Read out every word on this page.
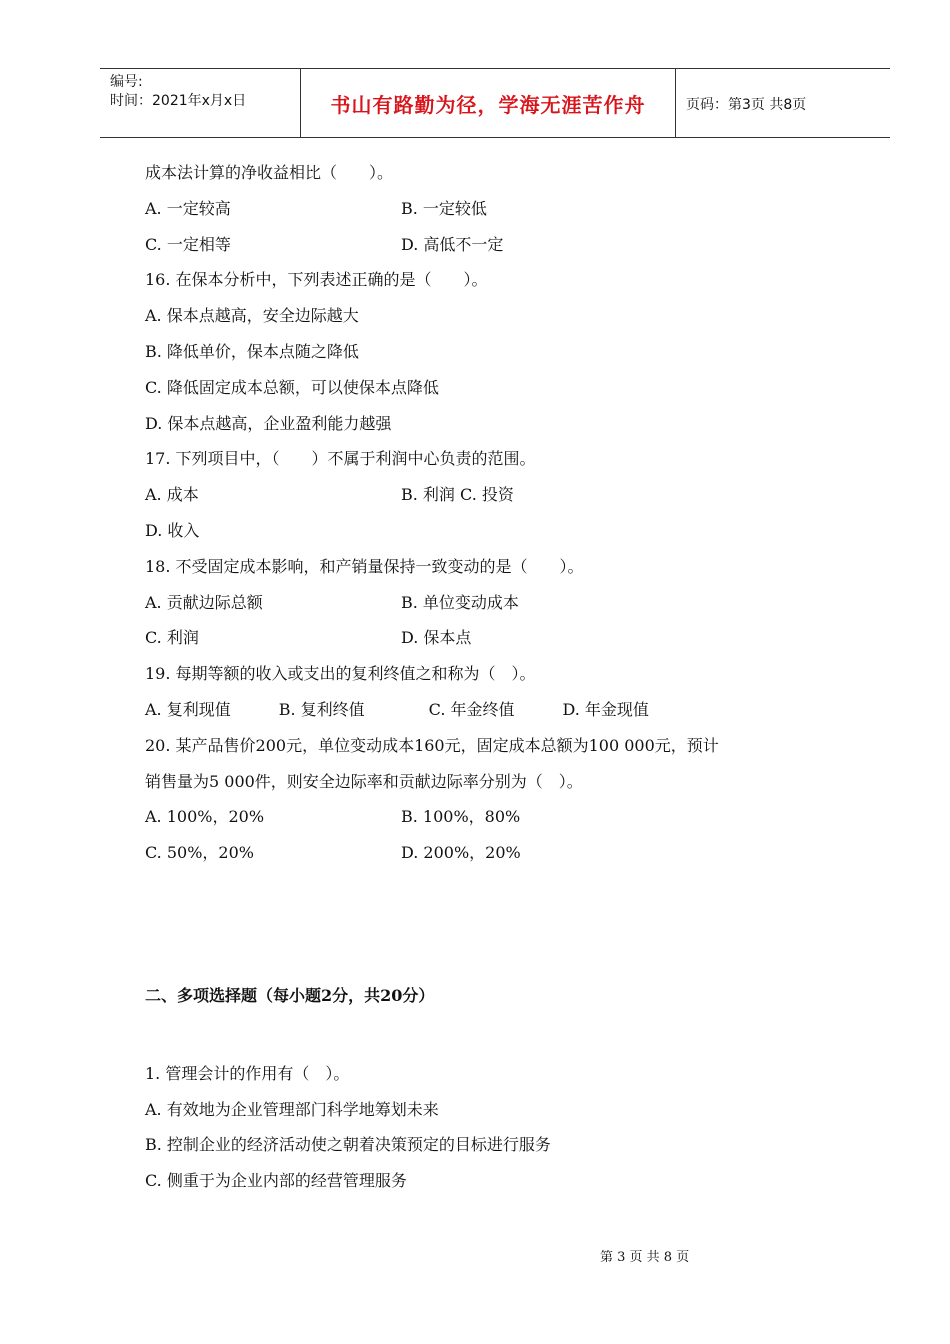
编号:
时间：2021年x月x日	书山有路勤为径，学海无涯苦作舟	页码：第3页 共8页
成本法计算的净收益相比（　　）。
A. 一定较高	B. 一定较低
C. 一定相等	D. 高低不一定
16. 在保本分析中，下列表述正确的是（　　）。
A. 保本点越高，安全边际越大
B. 降低单价，保本点随之降低
C. 降低固定成本总额，可以使保本点降低
D. 保本点越高，企业盈利能力越强
17. 下列项目中，（　　）不属于利润中心负责的范围。
A. 成本	B. 利润 C. 投资
D. 收入
18. 不受固定成本影响，和产销量保持一致变动的是（　　）。
A. 贡献边际总额	B. 单位变动成本
C. 利润	D. 保本点
19. 每期等额的收入或支出的复利终值之和称为（　）。
A. 复利现值　　　B. 复利终值　　　　C. 年金终值　　　D. 年金现值
20. 某产品售价200元，单位变动成本160元，固定成本总额为100 000元，预计
销售量为5 000件，则安全边际率和贡献边际率分别为（　）。
A. 100%，20%	B. 100%，80%
C. 50%，20%	D. 200%，20%
二、多项选择题（每小题2分，共20分）
1. 管理会计的作用有（　）。
A. 有效地为企业管理部门科学地筹划未来
B. 控制企业的经济活动使之朝着决策预定的目标进行服务
C. 侧重于为企业内部的经营管理服务
第 3 页 共 8 页
